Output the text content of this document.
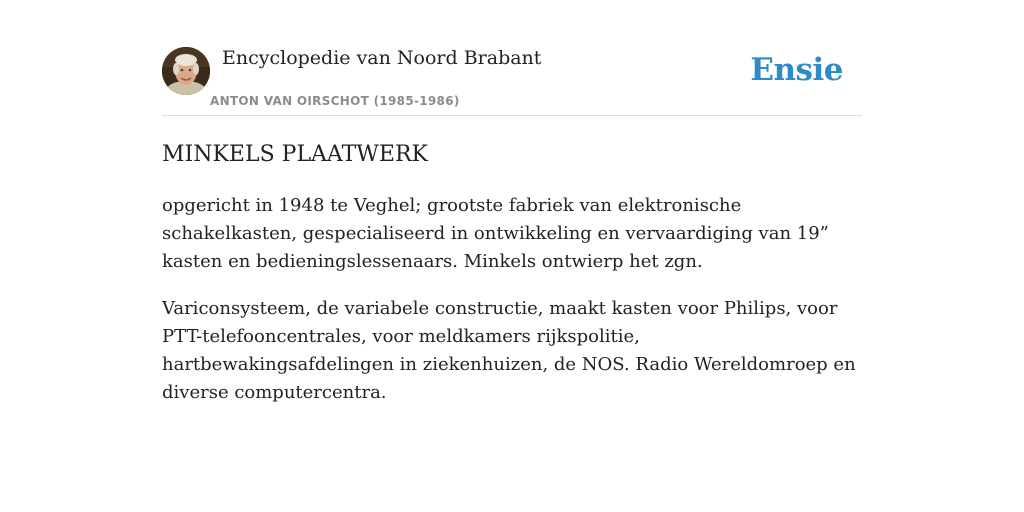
Encyclopedie van Noord Brabant
ANTON VAN OIRSCHOT (1985-1986)
Ensie
MINKELS PLAATWERK

opgericht in 1948 te Veghel; grootste fabriek van elektronische schakelkasten, gespecialiseerd in ontwikkeling en vervaardiging van 19” kasten en bedieningslessenaars. Minkels ontwierp het zgn.

Variconsysteem, de variabele constructie, maakt kasten voor Philips, voor PTT-telefooncentrales, voor meldkamers rijkspolitie, hartbewakingsafdelingen in ziekenhuizen, de NOS. Radio Wereldomroep en diverse computercentra.
